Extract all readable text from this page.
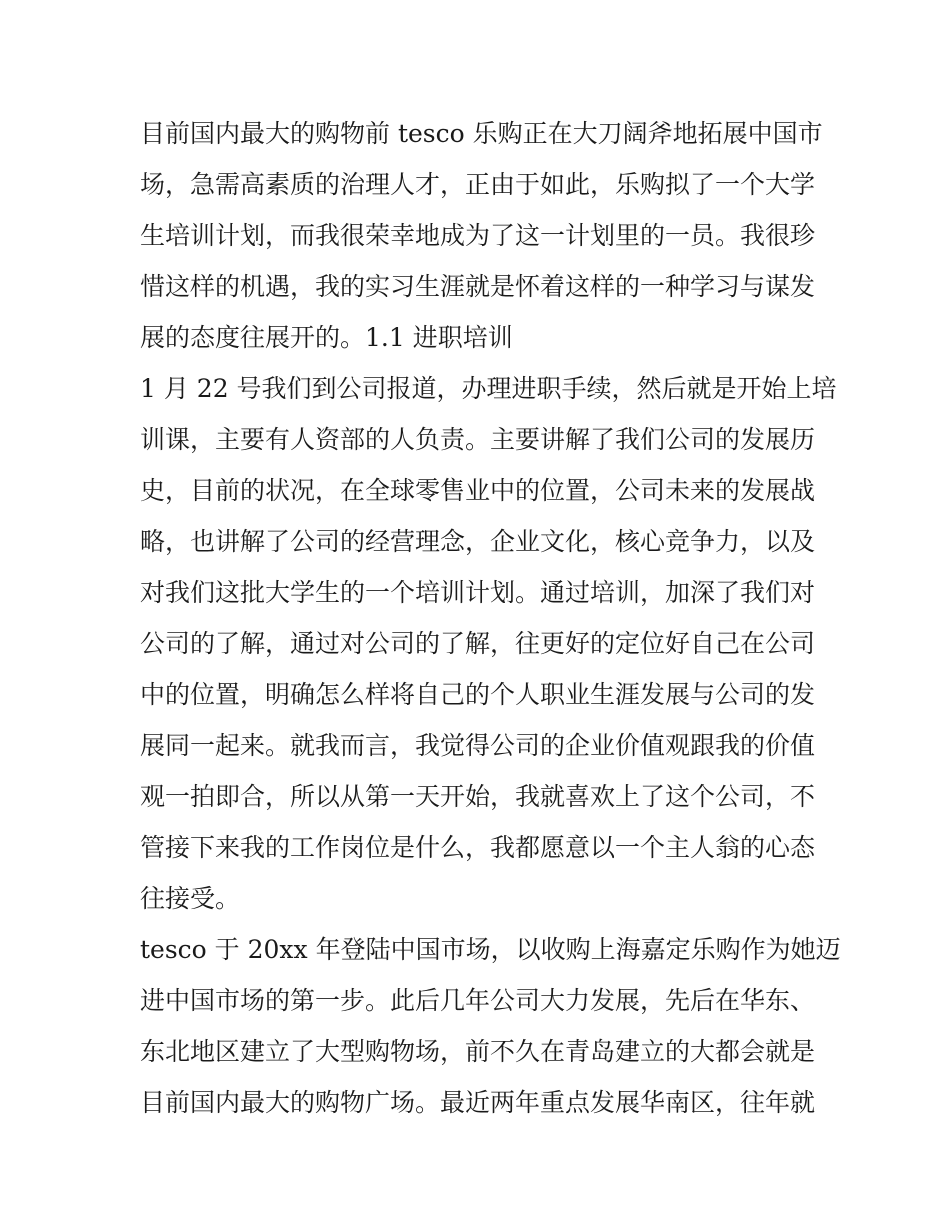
目前国内最大的购物前 tesco 乐购正在大刀阔斧地拓展中国市
场，急需高素质的治理人才，正由于如此，乐购拟了一个大学
生培训计划，而我很荣幸地成为了这一计划里的一员。我很珍
惜这样的机遇，我的实习生涯就是怀着这样的一种学习与谋发
展的态度往展开的。1.1 进职培训
1 月 22 号我们到公司报道，办理进职手续，然后就是开始上培
训课，主要有人资部的人负责。主要讲解了我们公司的发展历
史，目前的状况，在全球零售业中的位置，公司未来的发展战
略，也讲解了公司的经营理念，企业文化，核心竞争力，以及
对我们这批大学生的一个培训计划。通过培训，加深了我们对
公司的了解，通过对公司的了解，往更好的定位好自己在公司
中的位置，明确怎么样将自己的个人职业生涯发展与公司的发
展同一起来。就我而言，我觉得公司的企业价值观跟我的价值
观一拍即合，所以从第一天开始，我就喜欢上了这个公司，不
管接下来我的工作岗位是什么，我都愿意以一个主人翁的心态
往接受。
tesco 于 20xx 年登陆中国市场，以收购上海嘉定乐购作为她迈
进中国市场的第一步。此后几年公司大力发展，先后在华东、
东北地区建立了大型购物场，前不久在青岛建立的大都会就是
目前国内最大的购物广场。最近两年重点发展华南区，往年就
